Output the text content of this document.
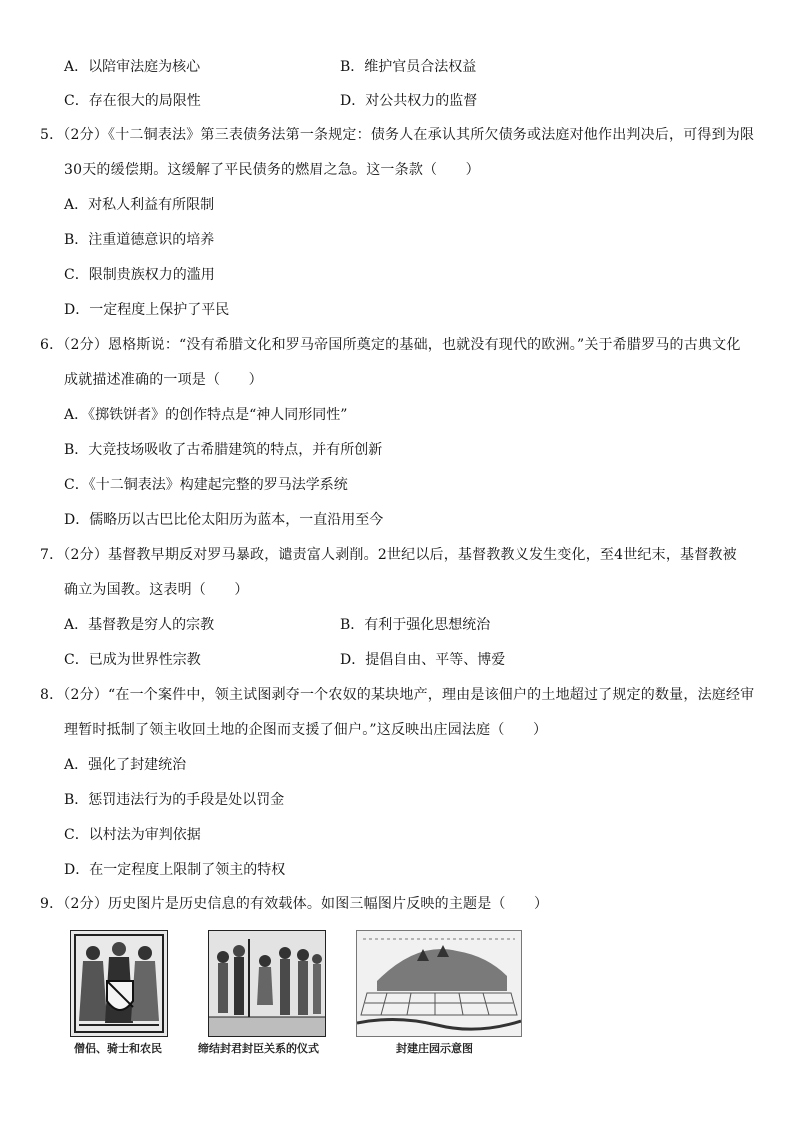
A．以陪审法庭为核心	B．维护官员合法权益
C．存在很大的局限性	D．对公共权力的监督
5．（2分）《十二铜表法》第三表债务法第一条规定：债务人在承认其所欠债务或法庭对他作出判决后，可得到为限
30天的缓偿期。这缓解了平民债务的燃眉之急。这一条款（　　）
A．对私人利益有所限制
B．注重道德意识的培养
C．限制贵族权力的滥用
D．一定程度上保护了平民
6．（2分）恩格斯说：“没有希腊文化和罗马帝国所奠定的基础，也就没有现代的欧洲。”关于希腊罗马的古典文化
成就描述准确的一项是（　　）
A．《掷铁饼者》的创作特点是“神人同形同性”
B．大竞技场吸收了古希腊建筑的特点，并有所创新
C．《十二铜表法》构建起完整的罗马法学系统
D．儒略历以古巴比伦太阳历为蓝本，一直沿用至今
7．（2分）基督教早期反对罗马暴政，谴责富人剥削。2世纪以后，基督教教义发生变化，至4世纪末，基督教被
确立为国教。这表明（　　）
A．基督教是穷人的宗教	B．有利于强化思想统治
C．已成为世界性宗教	D．提倡自由、平等、博爱
8．（2分）“在一个案件中，领主试图剥夺一个农奴的某块地产，理由是该佃户的土地超过了规定的数量，法庭经审
理暂时抵制了领主收回土地的企图而支援了佃户。”这反映出庄园法庭（　　）
A．强化了封建统治
B．惩罚违法行为的手段是处以罚金
C．以村法为审判依据
D．在一定程度上限制了领主的特权
9．（2分）历史图片是历史信息的有效载体。如图三幅图片反映的主题是（　　）
僧侣、骑士和农民	缔结封君封臣关系的仪式	封建庄园示意图
